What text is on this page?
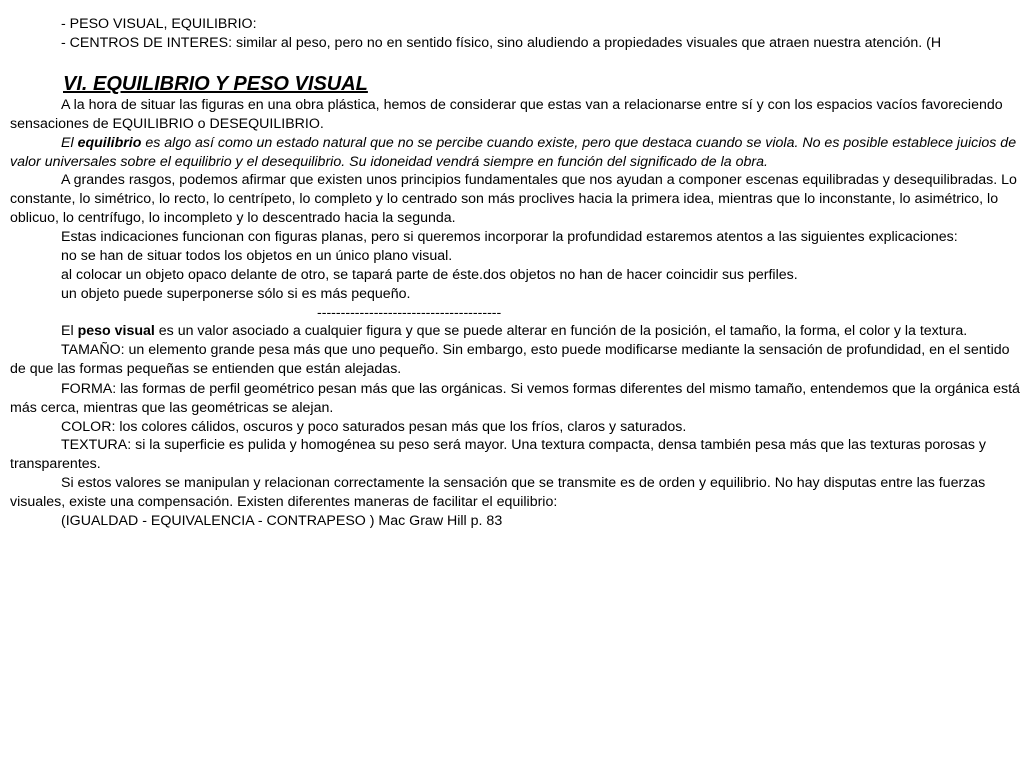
- PESO VISUAL, EQUILIBRIO:
- CENTROS DE INTERES: similar al peso, pero no en sentido físico, sino aludiendo a propiedades visuales que atraen nuestra atención. (H
VI. EQUILIBRIO Y PESO VISUAL

A la hora de situar las figuras en una obra plástica, hemos de considerar que estas van a relacionarse entre sí y con los espacios vacíos favoreciendo sensaciones de EQUILIBRIO o DESEQUILIBRIO.

El equilibrio es algo así como un estado natural que no se percibe cuando existe, pero que destaca cuando se viola. No es posible establece juicios de valor universales sobre el equilibrio y el desequilibrio. Su idoneidad vendrá siempre en función del significado de la obra.

A grandes rasgos, podemos afirmar que existen unos principios fundamentales que nos ayudan a componer escenas equilibradas y desequilibradas. Lo constante, lo simétrico, lo recto, lo centrípeto, lo completo y lo centrado son más proclives hacia la primera idea, mientras que lo inconstante, lo asimétrico, lo oblicuo, lo centrífugo, lo incompleto y lo descentrado hacia la segunda.

Estas indicaciones funcionan con figuras planas, pero si queremos incorporar la profundidad estaremos atentos a las siguientes explicaciones:

no se han de situar todos los objetos en un único plano visual.
al colocar un objeto opaco delante de otro, se tapará parte de éste.dos objetos no han de hacer coincidir sus perfiles.
un objeto puede superponerse sólo si es más pequeño.
---------------------------------------

El peso visual es un valor asociado a cualquier figura y que se puede alterar en función de la posición, el tamaño, la forma, el color y la textura.

TAMAÑO: un elemento grande pesa más que uno pequeño. Sin embargo, esto puede modificarse mediante la sensación de profundidad, en el sentido de que las formas pequeñas se entienden que están alejadas.

FORMA: las formas de perfil geométrico pesan más que las orgánicas. Si vemos formas diferentes del mismo tamaño, entendemos que la orgánica está más cerca, mientras que las geométricas se alejan.

COLOR: los colores cálidos, oscuros y poco saturados pesan más que los fríos, claros y saturados.

TEXTURA: si la superficie es pulida y homogénea su peso será mayor. Una textura compacta, densa también pesa más que las texturas porosas y transparentes.

Si estos valores se manipulan y relacionan correctamente la sensación que se transmite es de orden y equilibrio. No hay disputas entre las fuerzas visuales, existe una compensación. Existen diferentes maneras de facilitar el equilibrio:

(IGUALDAD - EQUIVALENCIA - CONTRAPESO ) Mac Graw Hill p. 83
